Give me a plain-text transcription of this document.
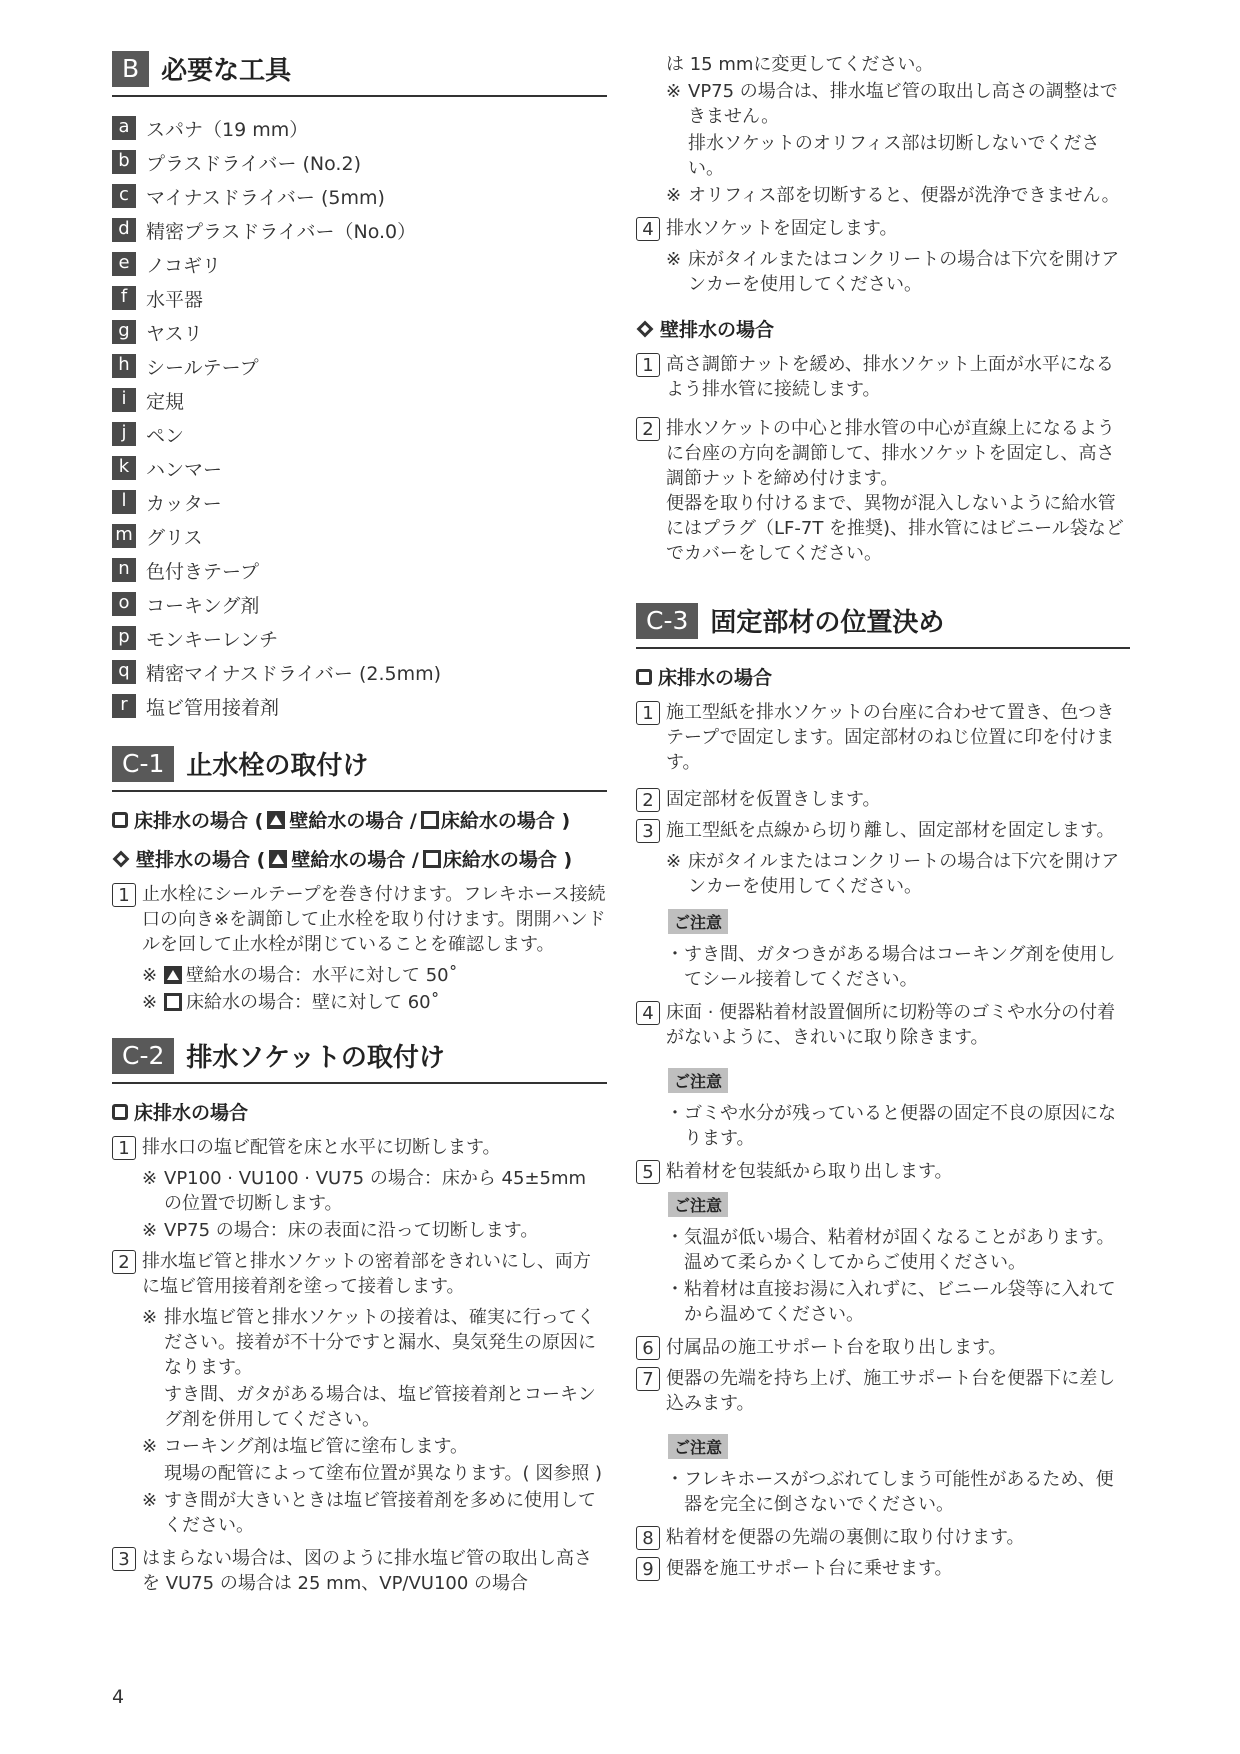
B 必要な工具
a スパナ（19 mm）
b プラスドライバー (No.2)
c マイナスドライバー (5mm)
d 精密プラスドライバー（No.0）
e ノコギリ
f 水平器
g ヤスリ
h シールテープ
i	定規
j	ペン
k ハンマー
l	カッター
m グリス
n 色付きテープ
o コーキング剤
p モンキーレンチ
q 精密マイナスドライバー (2.5mm)
r 塩ビ管用接着剤
C-1 止水栓の取付け
床排水の場合 ( 壁給水の場合 / 床給水の場合 )
壁排水の場合 ( 壁給水の場合 / 床給水の場合 )
1 止水栓にシールテープを巻き付けます。フレキホース接続口の向き※を調節して止水栓を取り付けます。閉開ハンドルを回して止水栓が閉じていることを確認します。
※	壁給水の場合：水平に対して 50˚
※	床給水の場合：壁に対して 60˚
C-2 排水ソケットの取付け
床排水の場合
1 排水口の塩ビ配管を床と水平に切断します。
※ VP100 · VU100 · VU75 の場合：床から 45±5mm の位置で切断します。
※ VP75 の場合：床の表面に沿って切断します。
2 排水塩ビ管と排水ソケットの密着部をきれいにし、両方に塩ビ管用接着剤を塗って接着します。
※ 排水塩ビ管と排水ソケットの接着は、確実に行ってください。接着が不十分ですと漏水、臭気発生の原因になります。
すき間、ガタがある場合は、塩ビ管接着剤とコーキング剤を併用してください。
※ コーキング剤は塩ビ管に塗布します。
現場の配管によって塗布位置が異なります。( 図参照 )
※ すき間が大きいときは塩ビ管接着剤を多めに使用してください。
3 はまらない場合は、図のように排水塩ビ管の取出し高さを VU75 の場合は 25 mm、VP/VU100 の場合
は 15 mmに変更してください。
※ VP75 の場合は、排水塩ビ管の取出し高さの調整はできません。
排水ソケットのオリフィス部は切断しないでください。
※ オリフィス部を切断すると、便器が洗浄できません。
4 排水ソケットを固定します。
※ 床がタイルまたはコンクリートの場合は下穴を開けアンカーを使用してください。
壁排水の場合
1 高さ調節ナットを緩め、排水ソケット上面が水平になるよう排水管に接続します。
2 排水ソケットの中心と排水管の中心が直線上になるように台座の方向を調節して、排水ソケットを固定し、高さ調節ナットを締め付けます。
便器を取り付けるまで、異物が混入しないように給水管にはプラグ（LF-7T を推奨)、排水管にはビニール袋などでカバーをしてください。
C-3 固定部材の位置決め
床排水の場合
1 施工型紙を排水ソケットの台座に合わせて置き、色つきテープで固定します。固定部材のねじ位置に印を付けます。
2 固定部材を仮置きします。
3 施工型紙を点線から切り離し、固定部材を固定します。
※ 床がタイルまたはコンクリートの場合は下穴を開けアンカーを使用してください。
ご注意
・ すき間、ガタつきがある場合はコーキング剤を使用してシール接着してください。
4 床面 · 便器粘着材設置個所に切粉等のゴミや水分の付着がないように、きれいに取り除きます。
ご注意
・ ゴミや水分が残っていると便器の固定不良の原因になります。
5 粘着材を包装紙から取り出します。
ご注意
・ 気温が低い場合、粘着材が固くなることがあります。温めて柔らかくしてからご使用ください。
・ 粘着材は直接お湯に入れずに、ビニール袋等に入れてから温めてください。
6 付属品の施工サポート台を取り出します。
7 便器の先端を持ち上げ、施工サポート台を便器下に差し込みます。
ご注意
・ フレキホースがつぶれてしまう可能性があるため、便器を完全に倒さないでください。
8 粘着材を便器の先端の裏側に取り付けます。
9 便器を施工サポート台に乗せます。
4
